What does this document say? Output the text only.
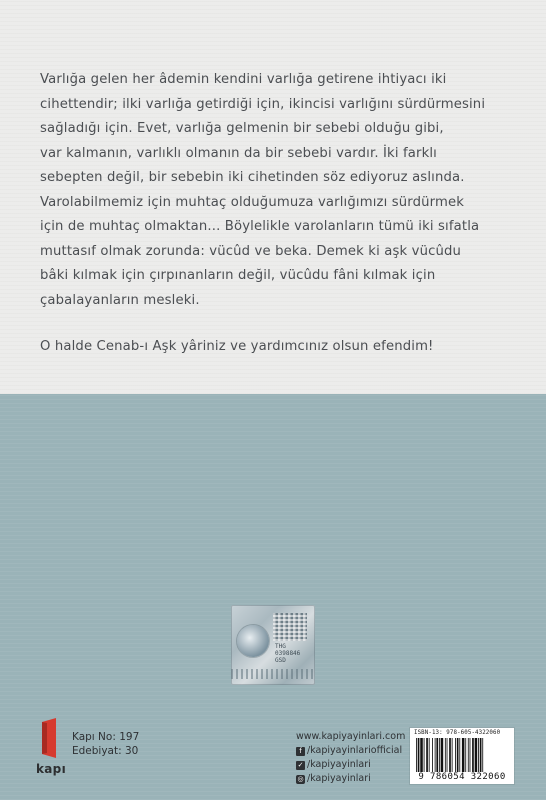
Varlığa gelen her âdemin kendini varlığa getirene ihtiyacı iki
cihettendir; ilki varlığa getirdiği için, ikincisi varlığını sürdürmesini
sağladığı için. Evet, varlığa gelmenin bir sebebi olduğu gibi,
var kalmanın, varlıklı olmanın da bir sebebi vardır. İki farklı
sebepten değil, bir sebebin iki cihetinden söz ediyoruz aslında.
Varolabilmemiz için muhtaç olduğumuza varlığımızı sürdürmek
için de muhtaç olmaktan... Böylelikle varolanların tümü iki sıfatla
muttasıf olmak zorunda: vücûd ve beka. Demek ki aşk vücûdu
bâki kılmak için çırpınanların değil, vücûdu fâni kılmak için
çabalayanların mesleki.

O halde Cenab-ı Aşk yâriniz ve yardımcınız olsun efendim!

THG
0398846
GSD
kapı
Kapı No: 197
Edebiyat: 30
www.kapiyayinlari.com
f /kapiyayinlariofficial
✓ /kapiyayinlari
◎ /kapiyayinlari
ISBN-13: 978-605-4322060
9 786054 322060
